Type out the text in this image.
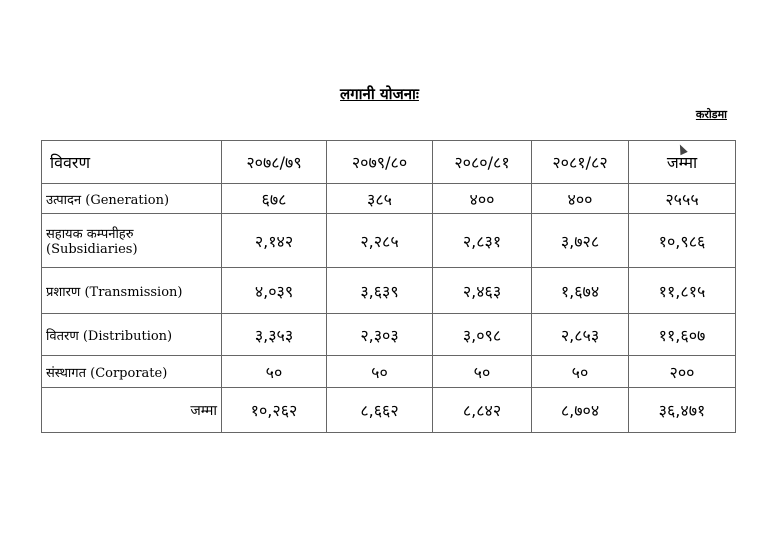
लगानी योजनाः
करोडमा
विवरण	२०७८/७९	२०७९/८०	२०८०/८१	२०८१/८२	जम्मा
उत्पादन (Generation)	६७८	३८५	४००	४००	२५५५
सहायक कम्पनीहरु (Subsidiaries)	२,१४२	२,२८५	२,८३१	३,७२८	१०,९८६
प्रशारण (Transmission)	४,०३९	३,६३९	२,४६३	१,६७४	११,८१५
वितरण (Distribution)	३,३५३	२,३०३	३,०९८	२,८५३	११,६०७
संस्थागत (Corporate)	५०	५०	५०	५०	२००
जम्मा	१०,२६२	८,६६२	८,८४२	८,७०४	३६,४७१
